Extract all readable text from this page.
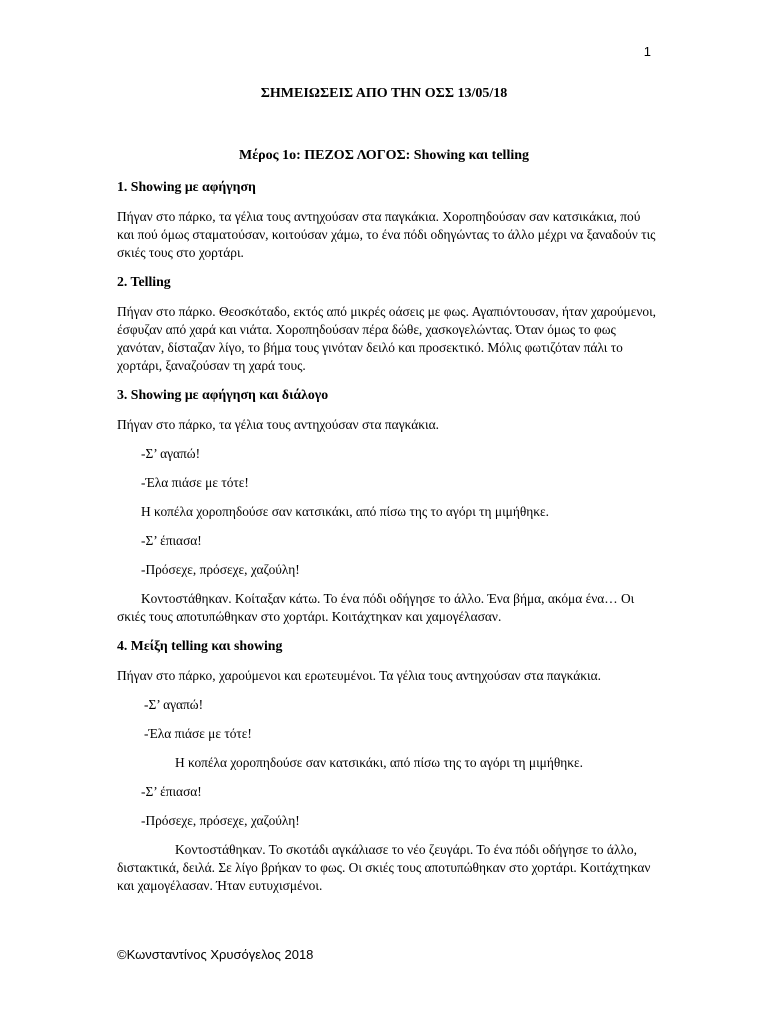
1
ΣΗΜΕΙΩΣΕΙΣ ΑΠΟ ΤΗΝ ΟΣΣ 13/05/18
Μέρος 1ο: ΠΕΖΟΣ ΛΟΓΟΣ: Showing και telling
1. Showing με αφήγηση
Πήγαν στο πάρκο, τα γέλια τους αντηχούσαν στα παγκάκια. Χοροπηδούσαν σαν κατσικάκια, πού και πού όμως σταματούσαν, κοιτούσαν χάμω, το ένα πόδι οδηγώντας το άλλο μέχρι να ξαναδούν τις σκιές τους στο χορτάρι.
2. Telling
Πήγαν στο πάρκο. Θεοσκόταδο, εκτός από μικρές οάσεις με φως. Αγαπιόντουσαν, ήταν χαρούμενοι, έσφυζαν από χαρά και νιάτα. Χοροπηδούσαν πέρα δώθε, χασκογελώντας. Όταν όμως το φως χανόταν, δίσταζαν λίγο, το βήμα τους γινόταν δειλό και προσεκτικό. Μόλις φωτιζόταν πάλι το χορτάρι, ξαναζούσαν τη χαρά τους.
3. Showing με αφήγηση και διάλογο
Πήγαν στο πάρκο, τα γέλια τους αντηχούσαν στα παγκάκια.
-Σ’ αγαπώ!
-Έλα πιάσε με τότε!
Η κοπέλα χοροπηδούσε σαν κατσικάκι, από πίσω της το αγόρι τη μιμήθηκε.
-Σ’ έπιασα!
-Πρόσεχε, πρόσεχε, χαζούλη!
Κοντοστάθηκαν. Κοίταξαν κάτω. Το ένα πόδι οδήγησε το άλλο. Ένα βήμα, ακόμα ένα… Οι σκιές τους αποτυπώθηκαν στο χορτάρι. Κοιτάχτηκαν και χαμογέλασαν.
4. Μείξη telling και showing
Πήγαν στο πάρκο, χαρούμενοι και ερωτευμένοι. Τα γέλια τους αντηχούσαν στα παγκάκια.
-Σ’ αγαπώ!
-Έλα πιάσε με τότε!
Η κοπέλα χοροπηδούσε σαν κατσικάκι, από πίσω της το αγόρι τη μιμήθηκε.
-Σ’ έπιασα!
-Πρόσεχε, πρόσεχε, χαζούλη!
Κοντοστάθηκαν. Το σκοτάδι αγκάλιασε το νέο ζευγάρι. Το ένα πόδι οδήγησε το άλλο, διστακτικά, δειλά. Σε λίγο βρήκαν το φως. Οι σκιές τους αποτυπώθηκαν στο χορτάρι. Κοιτάχτηκαν και χαμογέλασαν. Ήταν ευτυχισμένοι.
©Κωνσταντίνος Χρυσόγελος 2018
